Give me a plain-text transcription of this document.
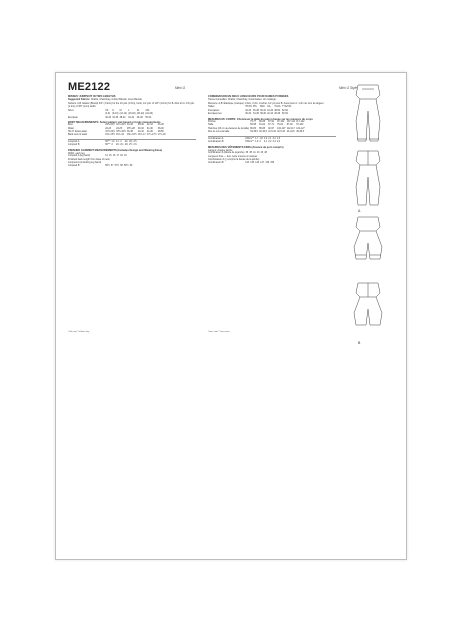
ME2122	Mimi G	Mimi G Style
MISSES' JUMPSUIT IN TWO LENGTHS
Suggested Fabrics: Challis, Chambray, Cotton Blends, Linen Blends.
Notions: A,B: Elastic (Brand) 3/4" (1.9cm) for the 19 yds. (0.3m), hook, 1/2 yds. of 1/8" (3.2cm) for B. Also for A: 1/8 yds. (1.2m) of 3/8" (1cm) width.
Sizes	XS	S	M	L	XL	XXL
	(4-6)	(8-10)	(12-14)	(16-18)	(20-22)	(24-26)
European	30-32	34-36	38-40	42-44	46-48	50-52
BODY MEASUREMENTS: Select pattern size based on body measurements
Bust	29½-30½	31½-32½	34-36	38-40	42-44	46-48
Waist	22-23	24-25	26½-28	30-32	34-36	38-40
Hip 9" below waist	31½-32½	33½-34½	36-38	40-42	44-46	48-50
Back neck to waist	15¼-15½	15¾-16	16¼-16½	16¾-17	17¼-17½	17¾-18
Jumpsuit A	60"**	1¾	1⅞	2	2¼	2⅜	2½
Jumpsuit B	60"**	2	2⅛	2¼	2⅜	2½	2⅝
FINISHED GARMENT MEASUREMENTS (Includes Design and Wearing Ease)
Width, each leg
Jumpsuit A (leg band)	14	15	16	17	18	19
Finished back length from base of neck
Jumpsuit A (including leg band)
Jumpsuit B	56½	57	57½	58	58½	59
COMBINAISON EN DEUX LONGUEURS POUR DAMES PUISNEES
Tissus Conseillés: Challis, Chambray, Cotonnades, Lin mélangé.
Mercerie: A,B: Élastique (marque) 1,9cm, 0,3m, crochet, 1/2 yd pour B. Aussi pour A: 1,2m de 1cm de largeur.
Tailles	TP/XS	P/S	M/M	G/L	TG/XL	TTG/XXL
Françaises	32-34	36-38	40-42	44-46	48-50	52-54
Européennes	30-32	34-36	38-40	42-44	46-48	50-52
MESURES DU CORPS: Choisissez la taille du patron basée sur les mesures du corps
Poitrine	75-77	80-83	87-92	97-102	107-112	117-122
Taille	56-58	61-64	67-71	76-81	87-92	97-102
Hanches (23 cm au-dessous de la taille)	80-83	85-88	92-97	102-107	112-117	122-127
Dos du cou à la taille	39-39,5	40-40,5	41,5-42	42,5-43	44-44,5	45-45,5
Combinaison A	150cm**	1,7	1,8	1,9	2,1	2,2	2,3
Combinaison B	150cm**	1,9	2	2,1	2,2	2,3	2,4
MESURES DES VÊTEMENTS FINIS (Aisance de port compris)
Largeur, chaque jambe
Combinaison A (bande de la jambe)	36	38	41	43	46	48
Longueur finie — dos, cette mesure à marquer
Combinaison A (y compris la bande de la jambe)
Combinaison B	143	145	146	147	149	150
*with nap **without nap	*avec sens **sans sens
A
B
